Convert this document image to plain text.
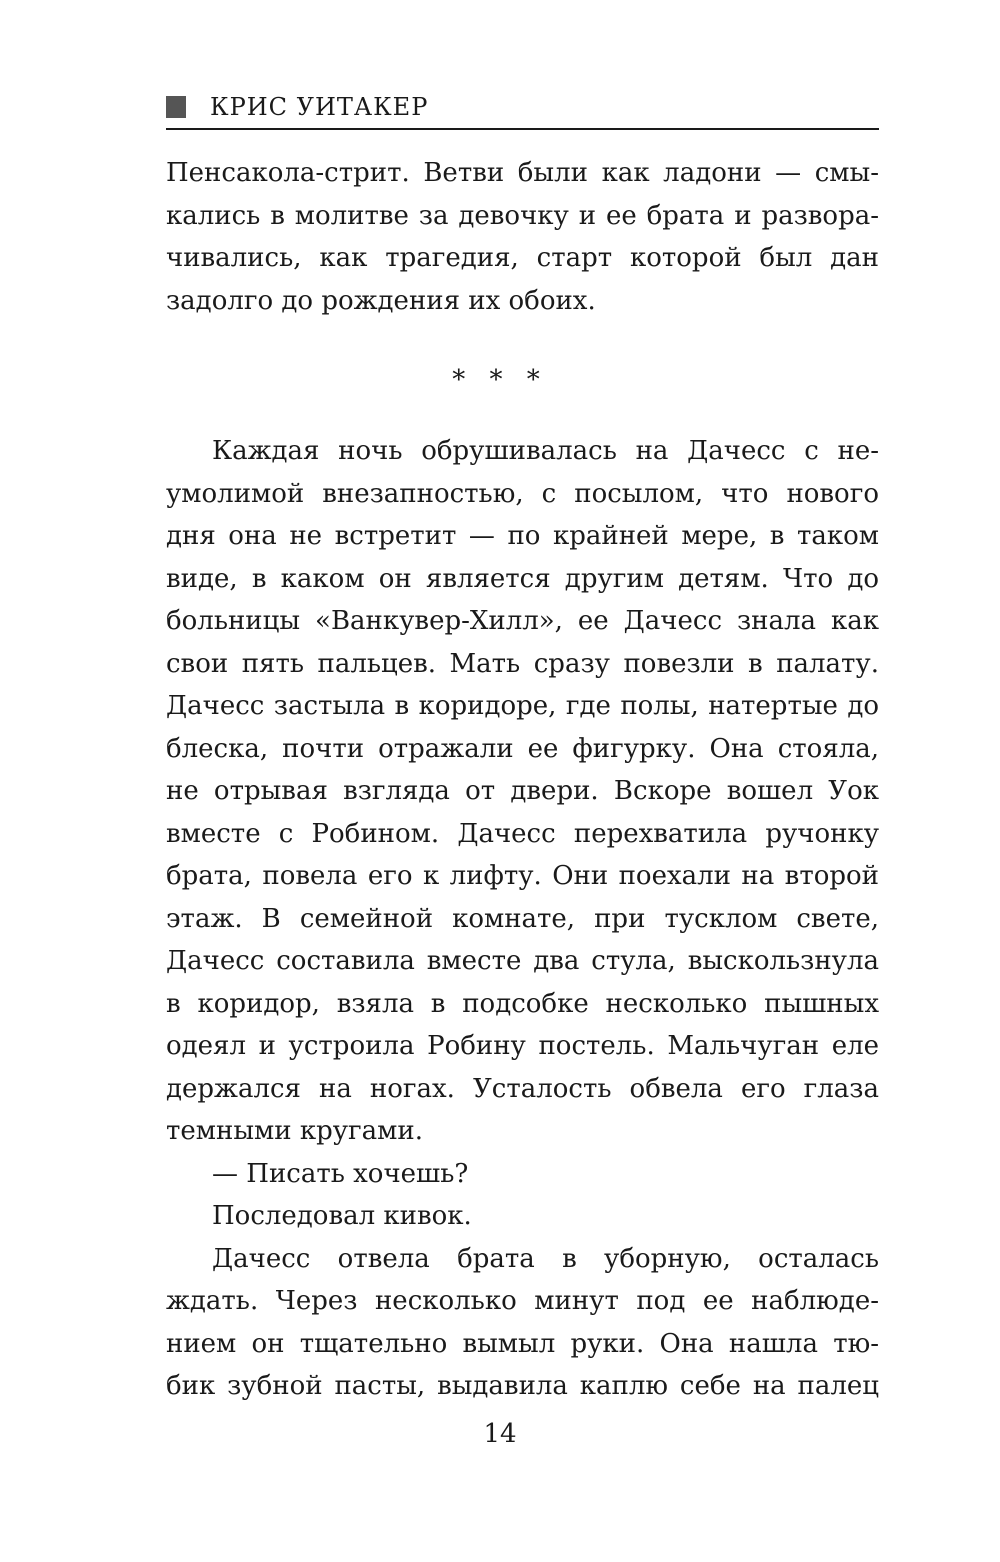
КРИС УИТАКЕР
Пенсакола-стрит. Ветви были как ладони — смы-
кались в молитве за девочку и ее брата и развора-
чивались, как трагедия, старт которой был дан
задолго до рождения их обоих.
* * *
Каждая ночь обрушивалась на Дачесс с не-
умолимой внезапностью, с посылом, что нового
дня она не встретит — по крайней мере, в таком
виде, в каком он является другим детям. Что до
больницы «Ванкувер-Хилл», ее Дачесс знала как
свои пять пальцев. Мать сразу повезли в палату.
Дачесс застыла в коридоре, где полы, натертые до
блеска, почти отражали ее фигурку. Она стояла,
не отрывая взгляда от двери. Вскоре вошел Уок
вместе с Робином. Дачесс перехватила ручонку
брата, повела его к лифту. Они поехали на второй
этаж. В семейной комнате, при тусклом свете,
Дачесс составила вместе два стула, выскользнула
в коридор, взяла в подсобке несколько пышных
одеял и устроила Робину постель. Мальчуган еле
держался на ногах. Усталость обвела его глаза
темными кругами.
— Писать хочешь?
Последовал кивок.
Дачесс отвела брата в уборную, осталась
ждать. Через несколько минут под ее наблюде-
нием он тщательно вымыл руки. Она нашла тю-
бик зубной пасты, выдавила каплю себе на палец
14
